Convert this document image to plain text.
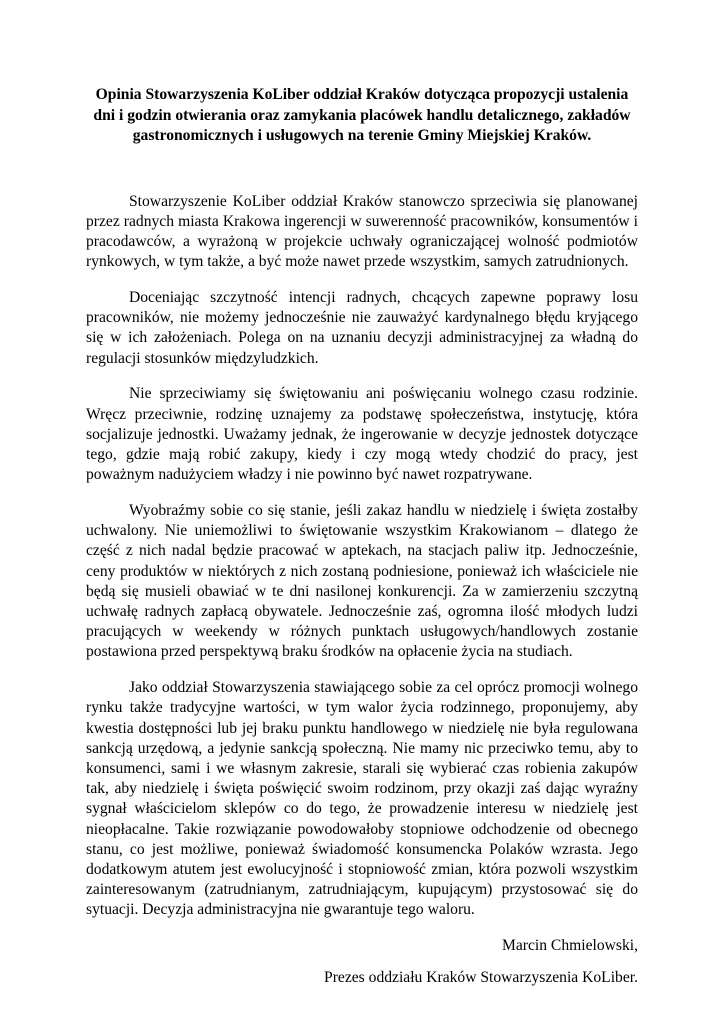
Opinia Stowarzyszenia KoLiber oddział Kraków dotycząca propozycji ustalenia dni i godzin otwierania oraz zamykania placówek handlu detalicznego, zakładów gastronomicznych i usługowych na terenie Gminy Miejskiej Kraków.

Stowarzyszenie KoLiber oddział Kraków stanowczo sprzeciwia się planowanej przez radnych miasta Krakowa ingerencji w suwerenność pracowników, konsumentów i pracodawców, a wyrażoną w projekcie uchwały ograniczającej wolność podmiotów rynkowych, w tym także, a być może nawet przede wszystkim, samych zatrudnionych.

Doceniając szczytność intencji radnych, chcących zapewne poprawy losu pracowników, nie możemy jednocześnie nie zauważyć kardynalnego błędu kryjącego się w ich założeniach. Polega on na uznaniu decyzji administracyjnej za władną do regulacji stosunków międzyludzkich.

Nie sprzeciwiamy się świętowaniu ani poświęcaniu wolnego czasu rodzinie. Wręcz przeciwnie, rodzinę uznajemy za podstawę społeczeństwa, instytucję, która socjalizuje jednostki. Uważamy jednak, że ingerowanie w decyzje jednostek dotyczące tego, gdzie mają robić zakupy, kiedy i czy mogą wtedy chodzić do pracy, jest poważnym nadużyciem władzy i nie powinno być nawet rozpatrywane.

Wyobraźmy sobie co się stanie, jeśli zakaz handlu w niedzielę i święta zostałby uchwalony. Nie uniemożliwi to świętowanie wszystkim Krakowianom – dlatego że część z nich nadal będzie pracować w aptekach, na stacjach paliw itp. Jednocześnie, ceny produktów w niektórych z nich zostaną podniesione, ponieważ ich właściciele nie będą się musieli obawiać w te dni nasilonej konkurencji. Za w zamierzeniu szczytną uchwałę radnych zapłacą obywatele. Jednocześnie zaś, ogromna ilość młodych ludzi pracujących w weekendy w różnych punktach usługowych/handlowych zostanie postawiona przed perspektywą braku środków na opłacenie życia na studiach.

Jako oddział Stowarzyszenia stawiającego sobie za cel oprócz promocji wolnego rynku także tradycyjne wartości, w tym walor życia rodzinnego, proponujemy, aby kwestia dostępności lub jej braku punktu handlowego w niedzielę nie była regulowana sankcją urzędową, a jedynie sankcją społeczną. Nie mamy nic przeciwko temu, aby to konsumenci, sami i we własnym zakresie, starali się wybierać czas robienia zakupów tak, aby niedzielę i święta poświęcić swoim rodzinom, przy okazji zaś dając wyraźny sygnał właścicielom sklepów co do tego, że prowadzenie interesu w niedzielę jest nieopłacalne. Takie rozwiązanie powodowałoby stopniowe odchodzenie od obecnego stanu, co jest możliwe, ponieważ świadomość konsumencka Polaków wzrasta. Jego dodatkowym atutem jest ewolucyjność i stopniowość zmian, która pozwoli wszystkim zainteresowanym (zatrudnianym, zatrudniającym, kupującym) przystosować się do sytuacji. Decyzja administracyjna nie gwarantuje tego waloru.

Marcin Chmielowski,

Prezes oddziału Kraków Stowarzyszenia KoLiber.
